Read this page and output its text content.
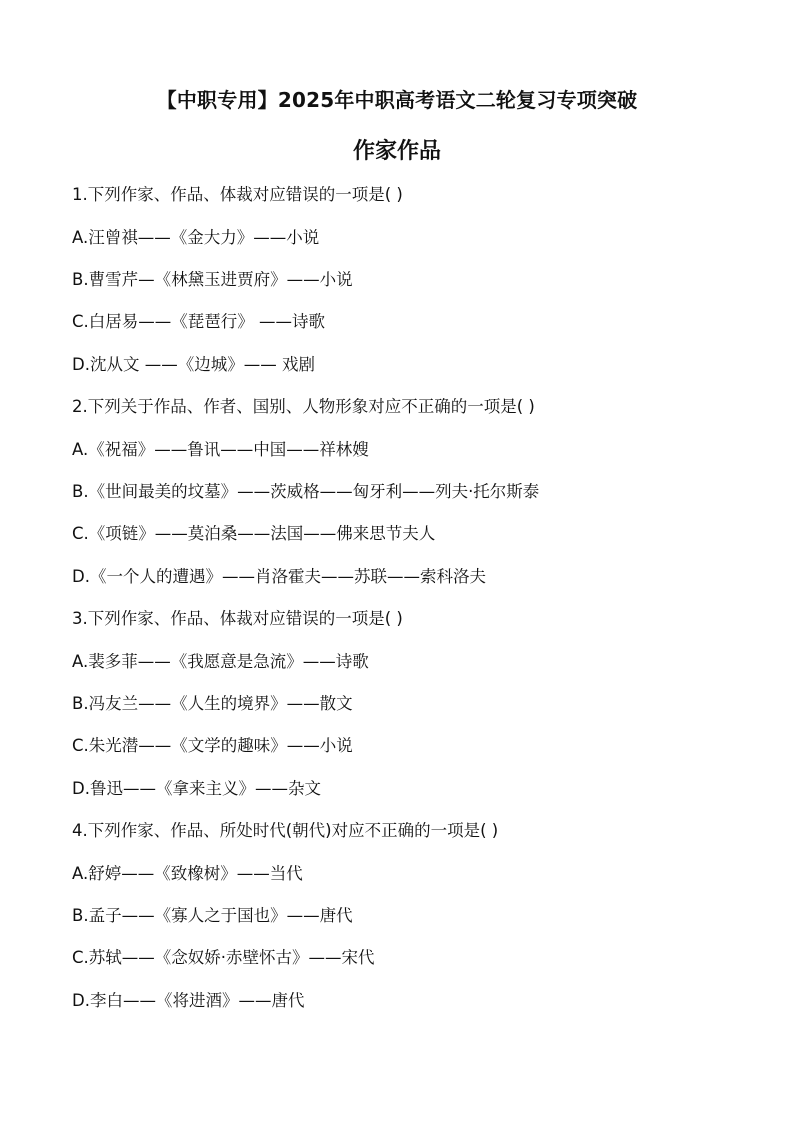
【中职专用】2025年中职高考语文二轮复习专项突破
作家作品
1.下列作家、作品、体裁对应错误的一项是( )
A.汪曾祺——《金大力》——小说
B.曹雪芹—《林黛玉进贾府》——小说
C.白居易——《琵琶行》 ——诗歌
D.沈从文 ——《边城》—— 戏剧
2.下列关于作品、作者、国别、人物形象对应不正确的一项是( )
A.《祝福》——鲁讯——中国——祥林嫂
B.《世间最美的坟墓》——茨威格——匈牙利——列夫·托尔斯泰
C.《项链》——莫泊桑——法国——佛来思节夫人
D.《一个人的遭遇》——肖洛霍夫——苏联——索科洛夫
3.下列作家、作品、体裁对应错误的一项是( )
A.裴多菲——《我愿意是急流》——诗歌
B.冯友兰——《人生的境界》——散文
C.朱光潜——《文学的趣味》——小说
D.鲁迅——《拿来主义》——杂文
4.下列作家、作品、所处时代(朝代)对应不正确的一项是( )
A.舒婷——《致橡树》——当代
B.孟子——《寡人之于国也》——唐代
C.苏轼——《念奴娇·赤壁怀古》——宋代
D.李白——《将进酒》——唐代
